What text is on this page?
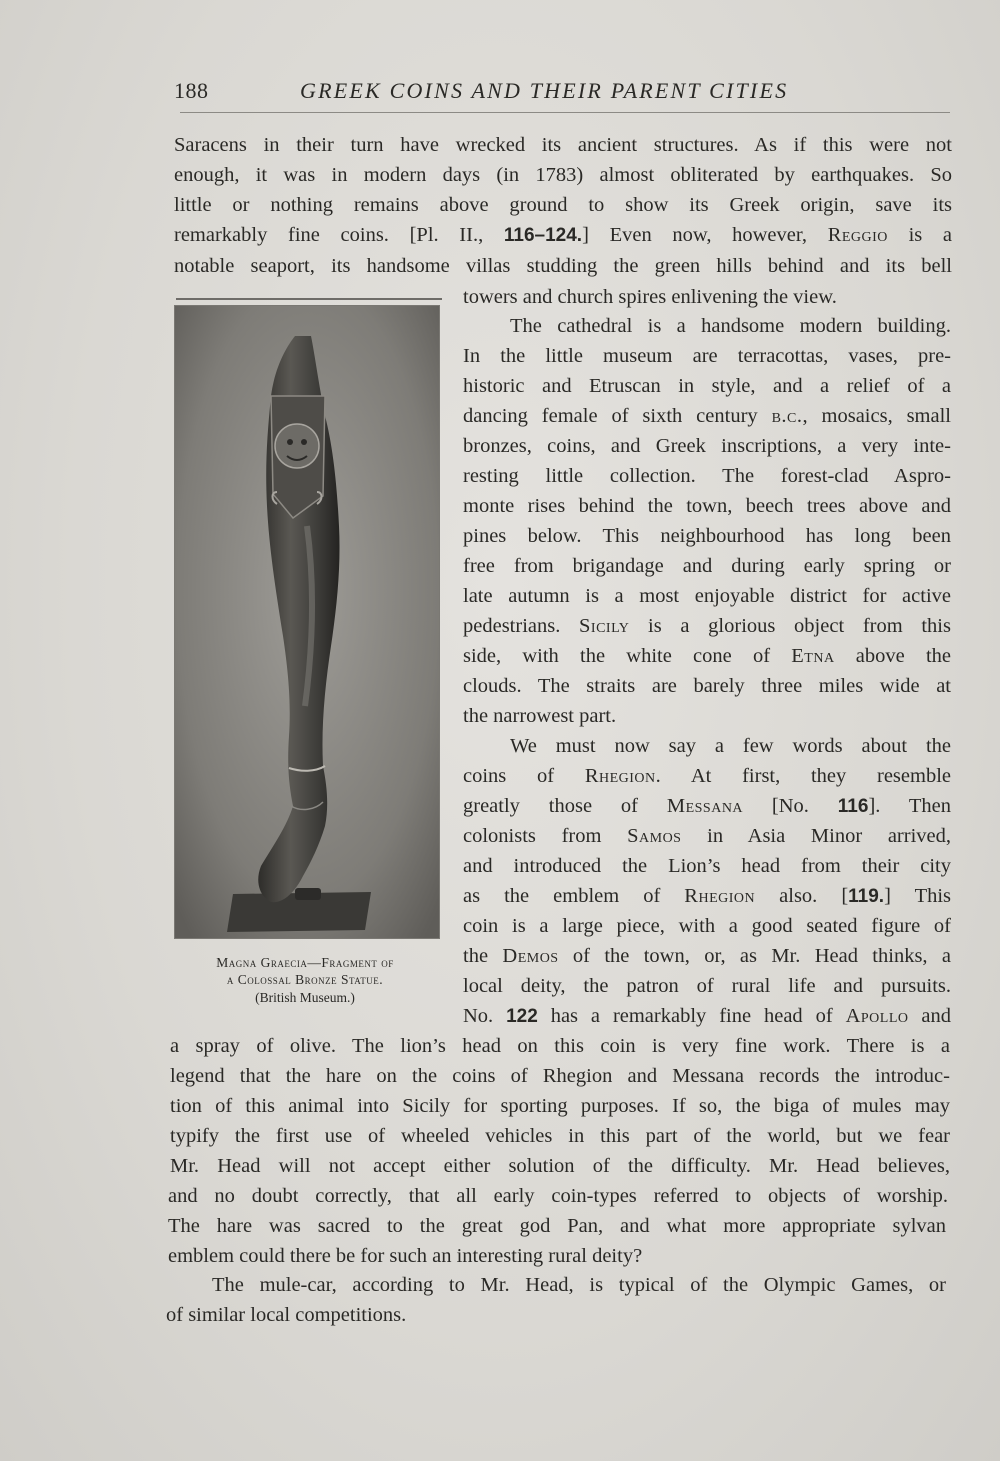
188	GREEK COINS AND THEIR PARENT CITIES
Saracens in their turn have wrecked its ancient structures. As if this were not
enough, it was in modern days (in 1783) almost obliterated by earthquakes. So
little or nothing remains above ground to show its Greek origin, save its
remarkably fine coins. [Pl. II., 116–124.] Even now, however, Reggio is a
notable seaport, its handsome villas studding the green hills behind and its bell
Magna Graecia—Fragment of
a Colossal Bronze Statue.
(British Museum.)
towers and church spires enlivening the view.
The cathedral is a handsome modern building.
In the little museum are terracottas, vases, pre-
historic and Etruscan in style, and a relief of a
dancing female of sixth century b.c., mosaics, small
bronzes, coins, and Greek inscriptions, a very inte-
resting little collection. The forest-clad Aspro-
monte rises behind the town, beech trees above and
pines below. This neighbourhood has long been
free from brigandage and during early spring or
late autumn is a most enjoyable district for active
pedestrians. Sicily is a glorious object from this
side, with the white cone of Etna above the
clouds. The straits are barely three miles wide at
the narrowest part.
We must now say a few words about the
coins of Rhegion. At first, they resemble
greatly those of Messana [No. 116]. Then
colonists from Samos in Asia Minor arrived,
and introduced the Lion’s head from their city
as the emblem of Rhegion also. [119.] This
coin is a large piece, with a good seated figure of
the Demos of the town, or, as Mr. Head thinks, a
local deity, the patron of rural life and pursuits.
No. 122 has a remarkably fine head of Apollo and
a spray of olive. The lion’s head on this coin is very fine work. There is a
legend that the hare on the coins of Rhegion and Messana records the introduc-
tion of this animal into Sicily for sporting purposes. If so, the biga of mules may
typify the first use of wheeled vehicles in this part of the world, but we fear
Mr. Head will not accept either solution of the difficulty. Mr. Head believes,
and no doubt correctly, that all early coin-types referred to objects of worship.
The hare was sacred to the great god Pan, and what more appropriate sylvan
emblem could there be for such an interesting rural deity?
The mule-car, according to Mr. Head, is typical of the Olympic Games, or
of similar local competitions.
